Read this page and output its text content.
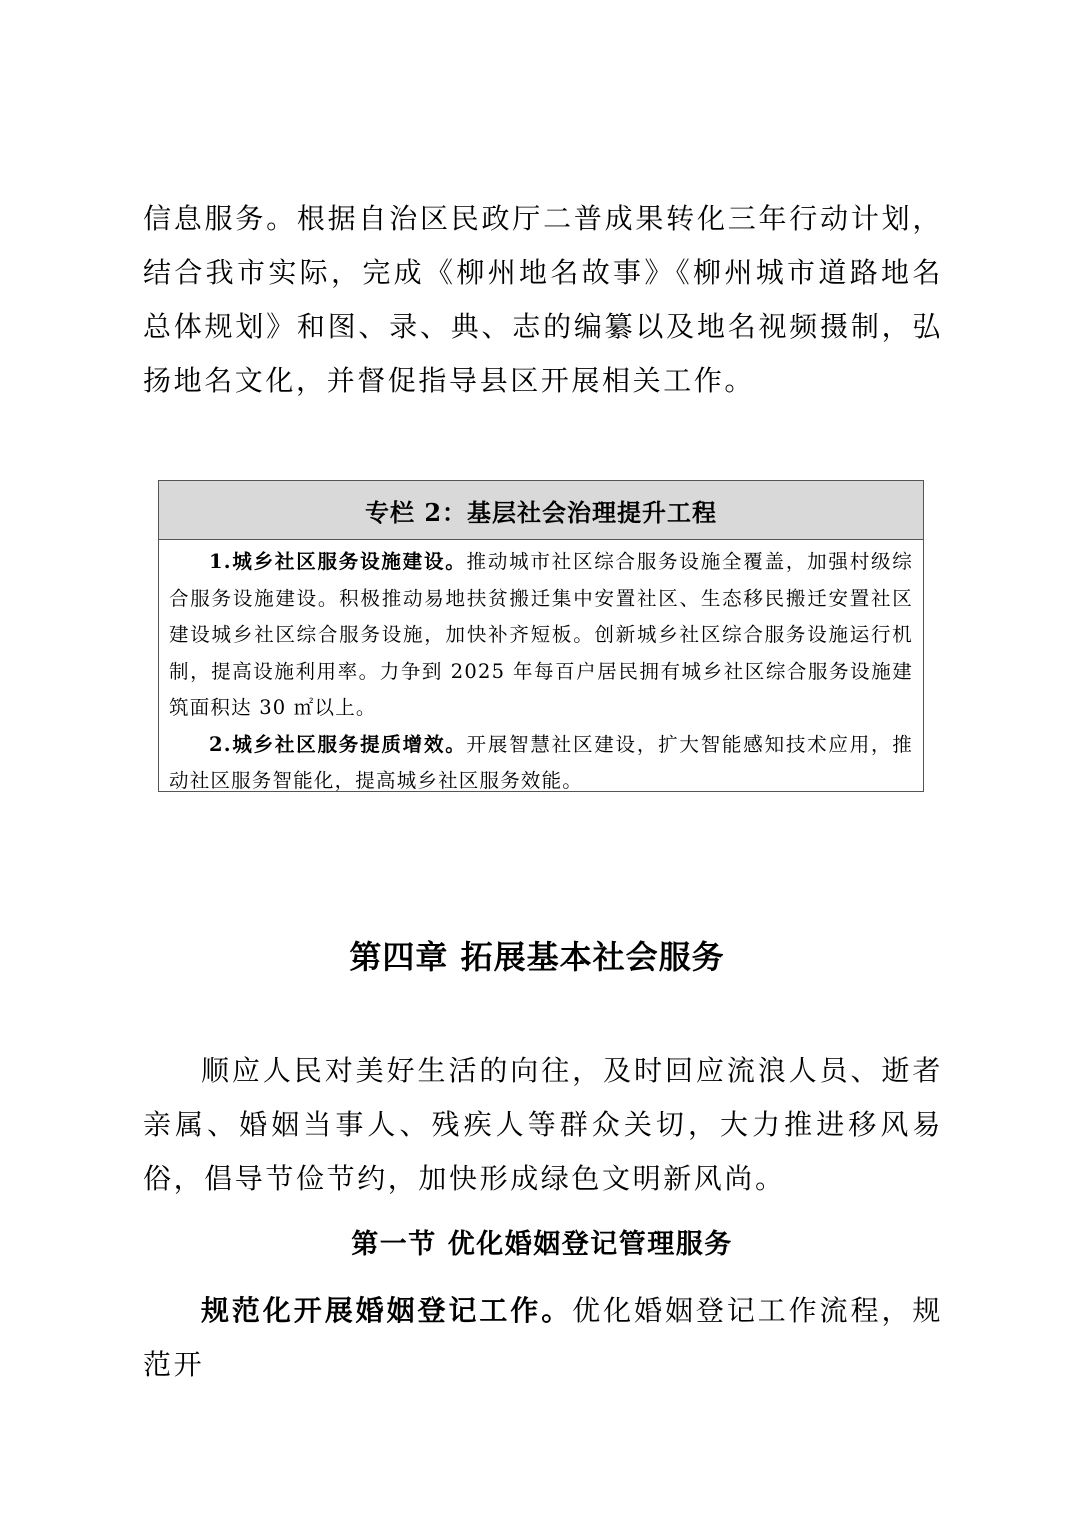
信息服务。根据自治区民政厅二普成果转化三年行动计划，结合我市实际，完成《柳州地名故事》《柳州城市道路地名总体规划》和图、录、典、志的编纂以及地名视频摄制，弘扬地名文化，并督促指导县区开展相关工作。

专栏 2：基层社会治理提升工程

1.城乡社区服务设施建设。推动城市社区综合服务设施全覆盖，加强村级综合服务设施建设。积极推动易地扶贫搬迁集中安置社区、生态移民搬迁安置社区建设城乡社区综合服务设施，加快补齐短板。创新城乡社区综合服务设施运行机制，提高设施利用率。力争到 2025 年每百户居民拥有城乡社区综合服务设施建筑面积达 30 ㎡以上。

2.城乡社区服务提质增效。开展智慧社区建设，扩大智能感知技术应用，推动社区服务智能化，提高城乡社区服务效能。

第四章 拓展基本社会服务

顺应人民对美好生活的向往，及时回应流浪人员、逝者亲属、婚姻当事人、残疾人等群众关切，大力推进移风易俗，倡导节俭节约，加快形成绿色文明新风尚。

第一节 优化婚姻登记管理服务

规范化开展婚姻登记工作。优化婚姻登记工作流程，规范开
